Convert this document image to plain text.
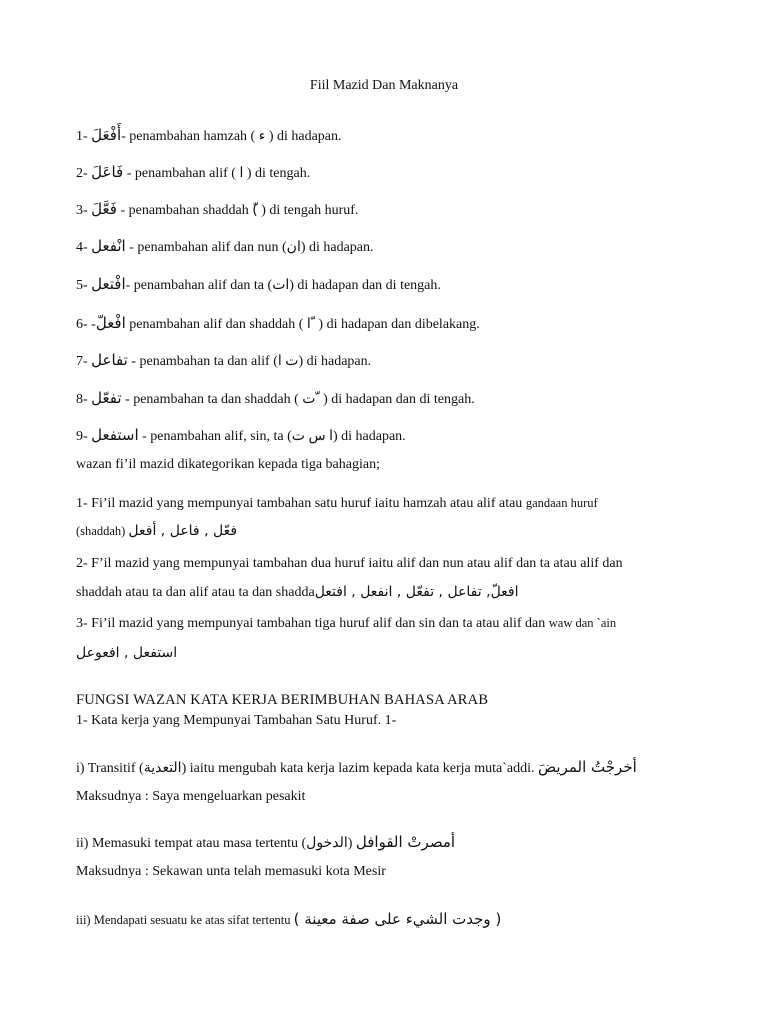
Fiil Mazid Dan Maknanya
1- أَفْعَلَ- penambahan hamzah ( ء ) di hadapan.
2- فَاعَلَ - penambahan alif ( ا ) di tengah.
3- فَعَّلَ - penambahan shaddah (ّ ) di tengah huruf.
4- انْفعل - penambahan alif dan nun (ان) di hadapan.
5- افْتعل- penambahan alif dan ta (ات) di hadapan dan di tengah.
6- -افْعلّ penambahan alif dan shaddah ( ا ّ ) di hadapan dan dibelakang.
7- تفاعل - penambahan ta dan alif (ت ا) di hadapan.
8- تفعّل - penambahan ta dan shaddah ( ت ّ ) di hadapan dan di tengah.
9- استفعل - penambahan alif, sin, ta (ا س ت) di hadapan.
wazan fi’il mazid dikategorikan kepada tiga bahagian;
1- Fi’il mazid yang mempunyai tambahan satu huruf iaitu hamzah atau alif atau gandaan huruf
(shaddah) فعّل , فاعل , أفعل
2- F’il mazid yang mempunyai tambahan dua huruf iaitu alif dan nun atau alif dan ta atau alif dan
shaddah atau ta dan alif atau ta dan shaddaافعلّ, تفاعل , تفعّل , انفعل , افتعل
3- Fi’il mazid yang mempunyai tambahan tiga huruf alif dan sin dan ta atau alif dan waw dan `ain
استفعل , افعوعل
FUNGSI WAZAN KATA KERJA BERIMBUHAN BAHASA ARAB
1- Kata kerja yang Mempunyai Tambahan Satu Huruf. 1-
i) Transitif (التعدية) iaitu mengubah kata kerja lazim kepada kata kerja muta`addi. أخرجْتُ المريضَ
Maksudnya : Saya mengeluarkan pesakit
ii) Memasuki tempat atau masa tertentu (الدخول) أمصرتْ القوافل
Maksudnya : Sekawan unta telah memasuki kota Mesir
iii) Mendapati sesuatu ke atas sifat tertentu ( وجدت الشيء على صفة معينة )
